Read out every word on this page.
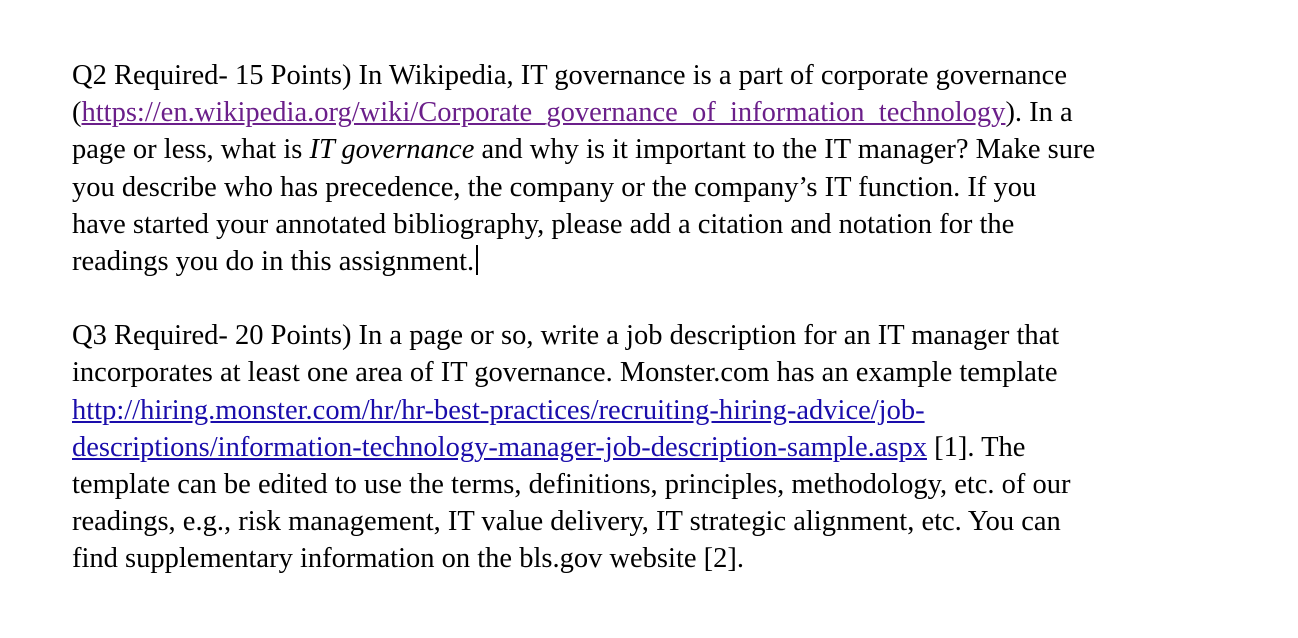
Q2 Required- 15 Points) In Wikipedia, IT governance is a part of corporate governance
(https://en.wikipedia.org/wiki/Corporate_governance_of_information_technology). In a
page or less, what is IT governance and why is it important to the IT manager? Make sure
you describe who has precedence, the company or the company’s IT function. If you
have started your annotated bibliography, please add a citation and notation for the
readings you do in this assignment.

Q3 Required- 20 Points) In a page or so, write a job description for an IT manager that
incorporates at least one area of IT governance. Monster.com has an example template
http://hiring.monster.com/hr/hr-best-practices/recruiting-hiring-advice/job-
descriptions/information-technology-manager-job-description-sample.aspx [1]. The
template can be edited to use the terms, definitions, principles, methodology, etc. of our
readings, e.g., risk management, IT value delivery, IT strategic alignment, etc. You can
find supplementary information on the bls.gov website [2].
